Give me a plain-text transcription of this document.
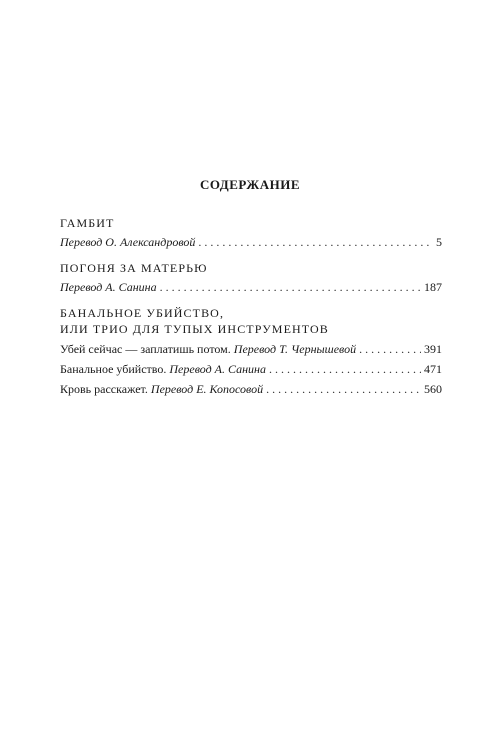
СОДЕРЖАНИЕ
ГАМБИТ
Перевод О. Александровой . . .	5
ПОГОНЯ ЗА МАТЕРЬЮ
Перевод А. Санина . . .	187
БАНАЛЬНОЕ УБИЙСТВО,
ИЛИ ТРИО ДЛЯ ТУПЫХ ИНСТРУМЕНТОВ
Убей сейчас — заплатишь потом. Перевод Т. Чернышевой . . .	391
Банальное убийство. Перевод А. Санина . . .	471
Кровь расскажет. Перевод Е. Копосовой . . .	560
